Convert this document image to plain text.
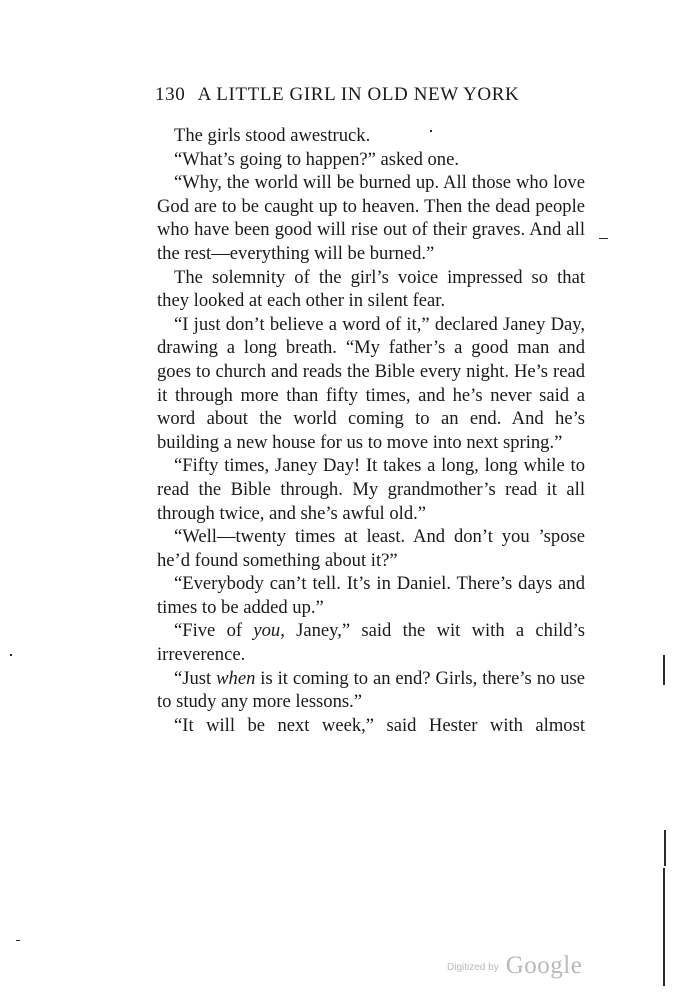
130 A LITTLE GIRL IN OLD NEW YORK

The girls stood awestruck.

“What’s going to happen?” asked one.

“Why, the world will be burned up. All those who love God are to be caught up to heaven. Then the dead people who have been good will rise out of their graves. And all the rest—everything will be burned.”

The solemnity of the girl’s voice impressed so that they looked at each other in silent fear.

“I just don’t believe a word of it,” declared Janey Day, drawing a long breath. “My father’s a good man and goes to church and reads the Bible every night. He’s read it through more than fifty times, and he’s never said a word about the world coming to an end. And he’s building a new house for us to move into next spring.”

“Fifty times, Janey Day! It takes a long, long while to read the Bible through. My grandmother’s read it all through twice, and she’s awful old.”

“Well—twenty times at least. And don’t you ’spose he’d found something about it?”

“Everybody can’t tell. It’s in Daniel. There’s days and times to be added up.”

“Five of you, Janey,” said the wit with a child’s irreverence.

“Just when is it coming to an end? Girls, there’s no use to study any more lessons.”

“It will be next week,” said Hester with almost

Digitized by Google
